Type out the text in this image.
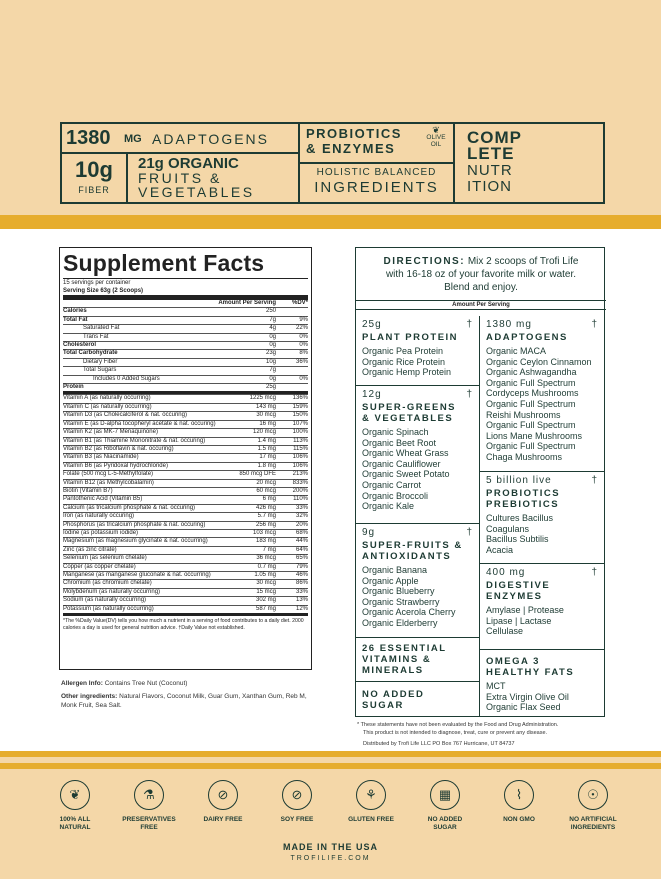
1380 MG ADAPTOGENS
10g
FIBER
21g ORGANIC
FRUITS &
VEGETABLES
PROBIOTICS
& ENZYMES
❦
OLIVE
OIL
HOLISTIC BALANCED
INGREDIENTS
COMP
LETE
NUTR
ITION
Supplement Facts
15 servings per container
Serving Size 63g (2 Scoops)
Amount Per Serving	%DV*
Calories	250
Total Fat	7g	9%
Saturated Fat	4g	22%
Trans Fat	0g	0%
Cholesterol	0g	0%
Total Carbohydrate	23g	8%
Dietary Fiber	10g	36%
Total Sugars	7g
Includes 0 Added Sugars	0g	0%
Protein	25g
Vitamin A (as naturally occurring)	1225 mcg	136%
Vitamin C (as naturally occurring)	143 mg	159%
Vitamin D3 (as Cholecalciferol & nat. occuring)	30 mcg	150%
Vitamin E (as D-alpha tocopheryl acetate & nat. occuring)	16 mg	107%
Vitamin K2 (as MK-7 Menaquinone)	120 mcg	100%
Vitamin B1 (as Thiamine Mononitrate & nat. occuring)	1.4 mg	113%
Vitamin B2 (as Riboflavin & nat. occuring)	1.5 mg	115%
Vitamin B3 (as Niacinamide)	17 mg	106%
Vitamin B6 (as Pyridoxal hydrochloride)	1.8 mg	106%
Folate (500 mcg L-5-Methylfolate)	850 mcg DFE	213%
Vitamin B12 (as Methylcobalamin)	20 mcg	833%
Biotin (Vitamin B7)	60 mcg	200%
Pantothenic Acid (Vitamin B5)	6 mg	110%
Calcium (as tricalcium phosphate & nat. occuring)	426 mg	33%
Iron (as naturally occuring)	5.7 mg	32%
Phosphorus (as tricalcium phosphate & nat. occuring)	256 mg	20%
Iodine (as potassium iodide)	103 mcg	68%
Magnesium (as magnesium glycinate & nat. occurring)	183 mg	44%
Zinc (as zinc citrate)	7 mg	64%
Selenium (as selenium chelate)	36 mcg	65%
Copper (as copper chelate)	0.7 mg	79%
Manganese (as manganese gluconate & nat. occurring)	1.05 mg	46%
Chromium (as chromium chelate)	30 mcg	86%
Molybdenum (as naturally occurring)	15 mcg	33%
Sodium (as naturally occurring)	302 mg	13%
Potassium (as naturally occurring)	587 mg	12%
*The %Daily Value(DV) tells you how much a nutrient in a serving of food contributes to a daily diet. 2000 calories a day is used for general nutrition advice. †Daily Value not established.
Allergen Info: Contains Tree Nut (Coconut)
Other ingredients: Natural Flavors, Coconut Milk, Guar Gum, Xanthan Gum, Reb M, Monk Fruit, Sea Salt.
DIRECTIONS: Mix 2 scoops of Trofi Life
with 16-18 oz of your favorite milk or water.
Blend and enjoy.
Amount Per Serving
25g	†
PLANT PROTEIN
Organic Pea Protein
Organic Rice Protein
Organic Hemp Protein
12g	†
SUPER-GREENS
& VEGETABLES
Organic Spinach
Organic Beet Root
Organic Wheat Grass
Organic Cauliflower
Organic Sweet Potato
Organic Carrot
Organic Broccoli
Organic Kale
9g	†
SUPER-FRUITS &
ANTIOXIDANTS
Organic Banana
Organic Apple
Organic Blueberry
Organic Strawberry
Organic Acerola Cherry
Organic Elderberry
26 ESSENTIAL
VITAMINS &
MINERALS
NO ADDED
SUGAR
1380 mg	†
ADAPTOGENS
Organic MACA
Organic Ceylon Cinnamon
Organic Ashwagandha
Organic Full Spectrum
Cordyceps Mushrooms
Organic Full Spectrum
Reishi Mushrooms
Organic Full Spectrum
Lions Mane Mushrooms
Organic Full Spectrum
Chaga Mushrooms
5 billion live	†
PROBIOTICS
PREBIOTICS
Cultures Bacillus
Coagulans
Bacillus Subtilis
Acacia
400 mg	†
DIGESTIVE
ENZYMES
Amylase | Protease
Lipase | Lactase
Cellulase
OMEGA 3
HEALTHY FATS
MCT
Extra Virgin Olive Oil
Organic Flax Seed
* These statements have not been evaluated by the Food and Drug Administration.
This product is not intended to diagnose, treat, cure or prevent any disease.
Distributed by Trofi Life LLC PO Box 767 Hurricane, UT 84737
❦
100% ALL
NATURAL
⚗
PRESERVATIVES
FREE
⊘
DAIRY FREE
⊘
SOY FREE
⚘
GLUTEN FREE
▦
NO ADDED
SUGAR
⌇
NON GMO
☉
NO ARTIFICIAL
INGREDIENTS
MADE IN THE USA
TROFILIFE.COM
